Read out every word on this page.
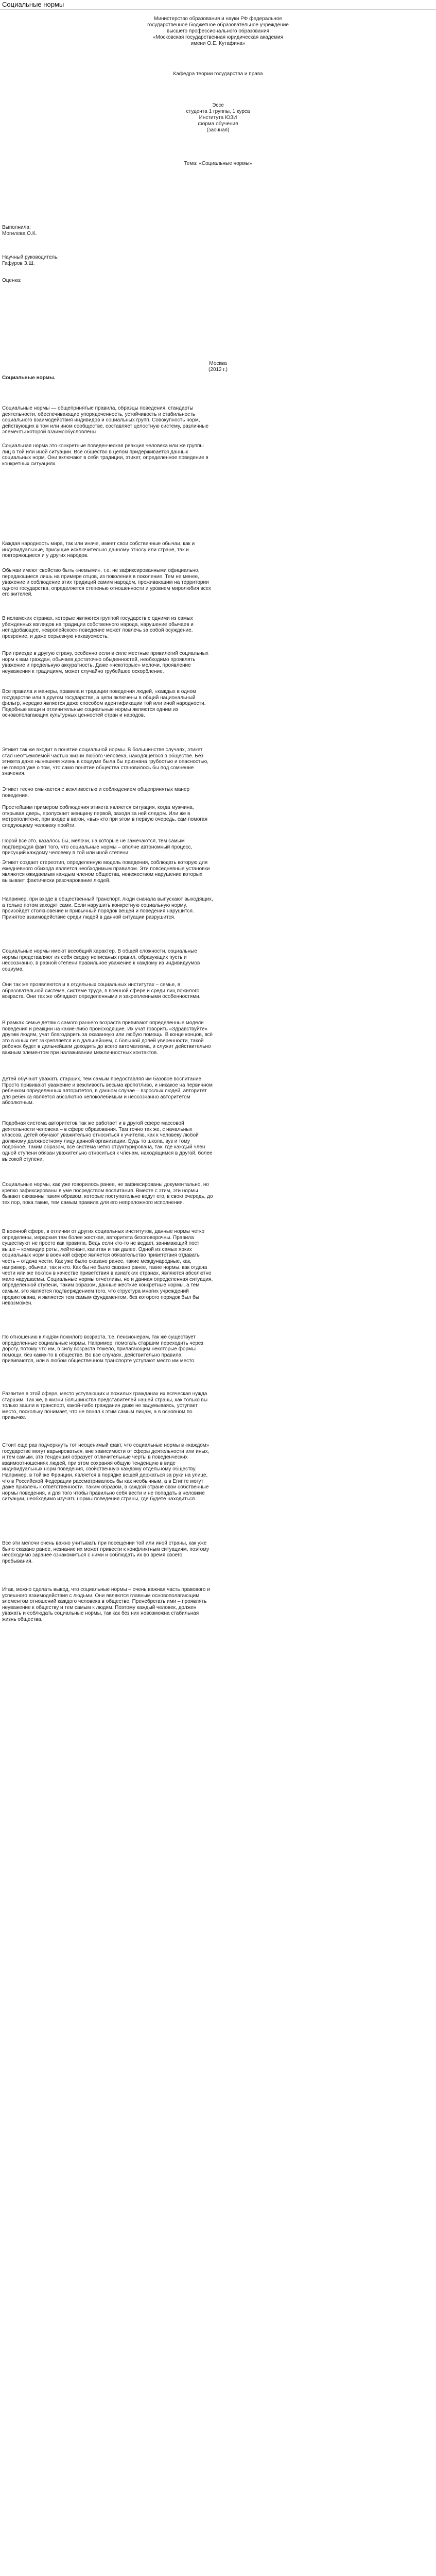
Социальные нормы
Министерство образования и науки РФ федеральное
государственное бюджетное образовательное учреждение
высшего профессионального образования
«Московская государственная юридическая академия
имени О.Е. Кутафина»
Кафедра теории государства и права
Эссе
студента 1 группы, 1 курса
Института ЮЗИ
форма обучения
(заочная)
Тема: «Социальные нормы»
Выполнила:
Могилева О.К.
Научный руководитель:
Гафуров З.Ш.
Оценка:
Москва
(2012 г.)
Социальные нормы.
Социальные нормы — общепринятые правила, образцы поведения, стандарты деятельности, обеспечивающие упорядоченность, устойчивость и стабильность социального взаимодействия индивидов и социальных групп. Совокупность норм, действующих в том или ином сообществе, составляет целостную систему, различные элементы которой взаимообусловлены.
Социальная норма это конкретные поведенческая реакция человека или же группы лиц в той или иной ситуации. Все общество в целом придерживается данных социальных норм. Они включают в себя традиции, этикет, определенное поведение в конкретных ситуациях.
Каждая народность мира, так или иначе, имеет свои собственные обычаи, как и индивидуальные, присущие исключительно данному этносу или стране, так и повторяющиеся и у других народов.
Обычаи имеют свойство быть «немыми», т.е. не зафиксированными официально, передающиеся лишь на примере отцов, из поколения в поколение. Тем не менее, уважение и соблюдение этих традиций самим народом, проживающим на территории одного государства, определяется степенью отношенности и уровнем миролюбия всех его жителей.
В исламских странах, которые являются группой государств с одними из самых убежденных взглядов на традиции собственного народа, нарушение обычаев и неподобающее, «европейское» поведение может повлечь за собой осуждение, презрение, и даже серьезную наказуемость.
При приезде в другую страну, особенно если в силе местные привилегий социальных норм к вам граждан, обычаев достаточно обыденностей, необходимо проявлять уважение и предельную аккуратность. Даже «некоторые» мелочи, проявление неуважения к традициям, может случайно грубейшее оскорбление.
Все правила и манеры, правила и традиции поведения людей, «каждых в одном государстве или в другом государстве, а цепи включены в общий национальный фильтр, нередко является даже способом идентификации той или иной народности. Подобные вещи и отличительные социальные нормы являются одним из основополагающих культурных ценностей стран и народов.
Этикет так же входит в понятие социальной нормы. В большинстве случаях, этикет стал неотъемлемой частью жизни любого человека, находящегося в обществе. Без этикета даже нынешняя жизнь в социуме была бы признана грубостью и опасностью, не говоря уже о том, что само понятие общества становилось бы под сомнение значения.
Этикет тесно смыкается с вежливостью и соблюдением общепринятых манер поведения.
Простейшим примером соблюдения этикета является ситуация, когда мужчина, открывая дверь, пропускает женщину первой, заходя за ней следом. Или же в метрополитене, при входе в вагон, «вы» кто при этом в первую очередь, сам помогая следующему человеку пройти.
Порой все это, казалось бы, мелочи, на которые не замечаются, тем самым подтверждая факт того, что социальные нормы – вполне автономный процесс, присущий каждому человеку в той или иной степени.
Этикет создает стереотип, определенную модель поведения, соблюдать которую для ежедневного обихода является необходимым правилом. Эти повседневные установки являются ожидаемым каждым членом общества, невежеством нарушение которых вызывает фактически разочарование людей.
Например, при входе в общественный транспорт, люди сначала выпускают выходящих, а только потом заходят сами. Если нарушить конкретную социальную норму, произойдет столкновение и привычный порядок вещей и поведения нарушится. Принятое взаимодействие среди людей в данной ситуации разрушится.
Социальные нормы имеют всеобщий характер. В общей сложности, социальные нормы представляют из себя сводку неписаных правил, образующих пусть и неосознанно, в равной степени правильное уважение к каждому из индивидуумов социума.
Они так же проявляются и в отдельных социальных институтах – семье, в образовательной системе, системе труда, в военной сфере и среди лиц пожилого возраста. Они так же обладают определенными и закрепленными особенностями.
В рамках семье детям с самого раннего возраста прививают определенные модели поведения и реакции на какие-либо происходящие. Их учат говорить «Здравствуйте» другим людям, учат благодарить за оказанную или любую помощь. В конце концов, всё это в юных лет закрепляется и в дальнейшем, с большой долей уверенности, такой ребенок будет в дальнейшем доходить до всего автоматизма, и служит действительно важным элементом при налаживании межличностных контактов.
Детей обучают уважать старших, тем самым предоставляя им базовое воспитание. Просто прививают уважение и вежливость весьма кропотливо, и никакое на первичном ребенком определенных авторитетов, в данном случае – взрослых людей, авторитет для ребенка является абсолютно непоколебимым и неосознанно авторитетом абсолютным.
Подобная система авторитетов так же работает и в другой сфере массовой деятельности человека – в сфере образования. Там точно так же, с начальных классов, детей обучают уважительно относиться к учителю, как к человеку любой должному должностному лицу данной организации. Будь то школа, вуз и тому подобное. Таким образом, все система четко структурирована, так, где каждый член одной ступени обязан уважительно относиться к членам, находящимся в другой, более высокой ступени.
Социальные нормы, как уже говорилось ранее, не зафиксированы документально, но крепко зафиксированы в уме посредством воспитания. Вместе с этим, эти нормы бывают связанны таким образом, которые поступательно ведут его, в свою очередь, до тех пор, пока такие, тем самым правила для его непреложного исполнения.
В военной сфере, в отличии от других социальных институтов, данные нормы четко определены, иерархия там более жесткая, авторитета безоговорочны. Правила существуют не просто как правила. Ведь если кто-то не ведает, занимающий пост выше – командир роты, лейтенант, капитан и так далее. Одной из самых ярких социальных норм в военной сфере является обязательство приветствия отдавать честь – отдача чести. Как уже было сказано ранее, такие международные, как, например, обычаи, так и кто. Как бы не было сказано ранее, такие нормы, как отдача чести или же поклон в качестве приветствия в азиатских странах, являются абсолютно мало нарушаемы. Социальные нормы отчетливы, но и данная определенная ситуация, определенной ступени, Таким образом, данные жесткие конкретные нормы, а тем самым, это является подтверждением того, что структура многих учреждений продиктована, и является тем самым фундаментом, без которого порядок был бы невозможен.
По отношению к людям пожилого возраста, т.е. пенсионерам, так же существует определенные социальные нормы. Например, помогать старшим переходить через дорогу, потому что им, в силу возраста тяжело, прилагающим некоторые формы помощи, без каких-то в обществе. Во все случаях, действительно правила прививаются, или в любом общественном транспорте уступают место им место.
Развитие в этой сфере, место уступающих и пожилых гражданах их всяческая нужда старшим. Так же, в жизни большинства представителей нашей страны, как только вы только зашли в транспорт, какой-либо гражданин даже не задумываясь, уступает место, поскольку понимает, что не понял к этим самым лицам, а в основном по привычке.
Стоит еще раз подчеркнуть тот неоценимый факт, что социальные нормы в «каждом» государстве могут варьироваться, вне зависимости от сферы деятельности или иных, и тем самым, эта тенденция образует отличительные черты в поведенческих взаимоотношениях людей, при этом сохраняя общую тенденцию в виде индивидуальных норм поведения, свойственную каждому отдельному обществу. Например, в той же Франции, является в порядке вещей держаться за руки на улице, что в Российской Федерации рассматривалось бы как необычным, а в Египте могут даже привлечь к ответственности. Таким образом, в каждой стране свои собственные нормы поведения, и для того чтобы правильно себя вести и не попадать в неловкие ситуации, необходимо изучать нормы поведения страны, где будете находиться.
Все эти мелочи очень важно учитывать при посещении той или иной страны, как уже было сказано ранее, незнание их может привести к конфликтным ситуациям, поэтому необходимо заранее ознакомиться с ними и соблюдать их во время своего пребывания.
Итак, можно сделать вывод, что социальные нормы – очень важная часть правового и успешного взаимодействия с людьми. Они являются главным основополагающим элементом отношений каждого человека в обществе. Пренебрегать ими – проявлять неуважение к обществу и тем самым к людям. Поэтому каждый человек, должен уважать и соблюдать социальные нормы, так как без них невозможна стабильная жизнь общества.
